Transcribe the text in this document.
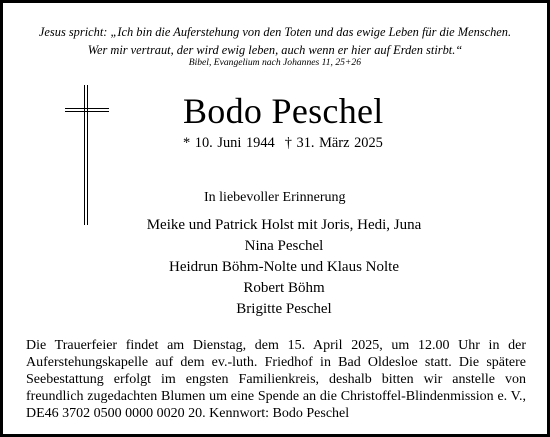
Jesus spricht: „Ich bin die Auferstehung von den Toten und das ewige Leben für die Menschen.
Wer mir vertraut, der wird ewig leben, auch wenn er hier auf Erden stirbt.“
Bibel, Evangelium nach Johannes 11, 25+26
Bodo Peschel
* 10. Juni 1944 † 31. März 2025
In liebevoller Erinnerung
Meike und Patrick Holst mit Joris, Hedi, Juna
Nina Peschel
Heidrun Böhm-Nolte und Klaus Nolte
Robert Böhm
Brigitte Peschel
Die Trauerfeier findet am Dienstag, dem 15. April 2025, um 12.00 Uhr in der
Auferstehungskapelle auf dem ev.-luth. Friedhof in Bad Oldesloe statt. Die spätere
Seebestattung erfolgt im engsten Familienkreis, deshalb bitten wir anstelle von
freundlich zugedachten Blumen um eine Spende an die Christoffel-Blindenmission e. V.,
DE46 3702 0500 0000 0020 20. Kennwort: Bodo Peschel
